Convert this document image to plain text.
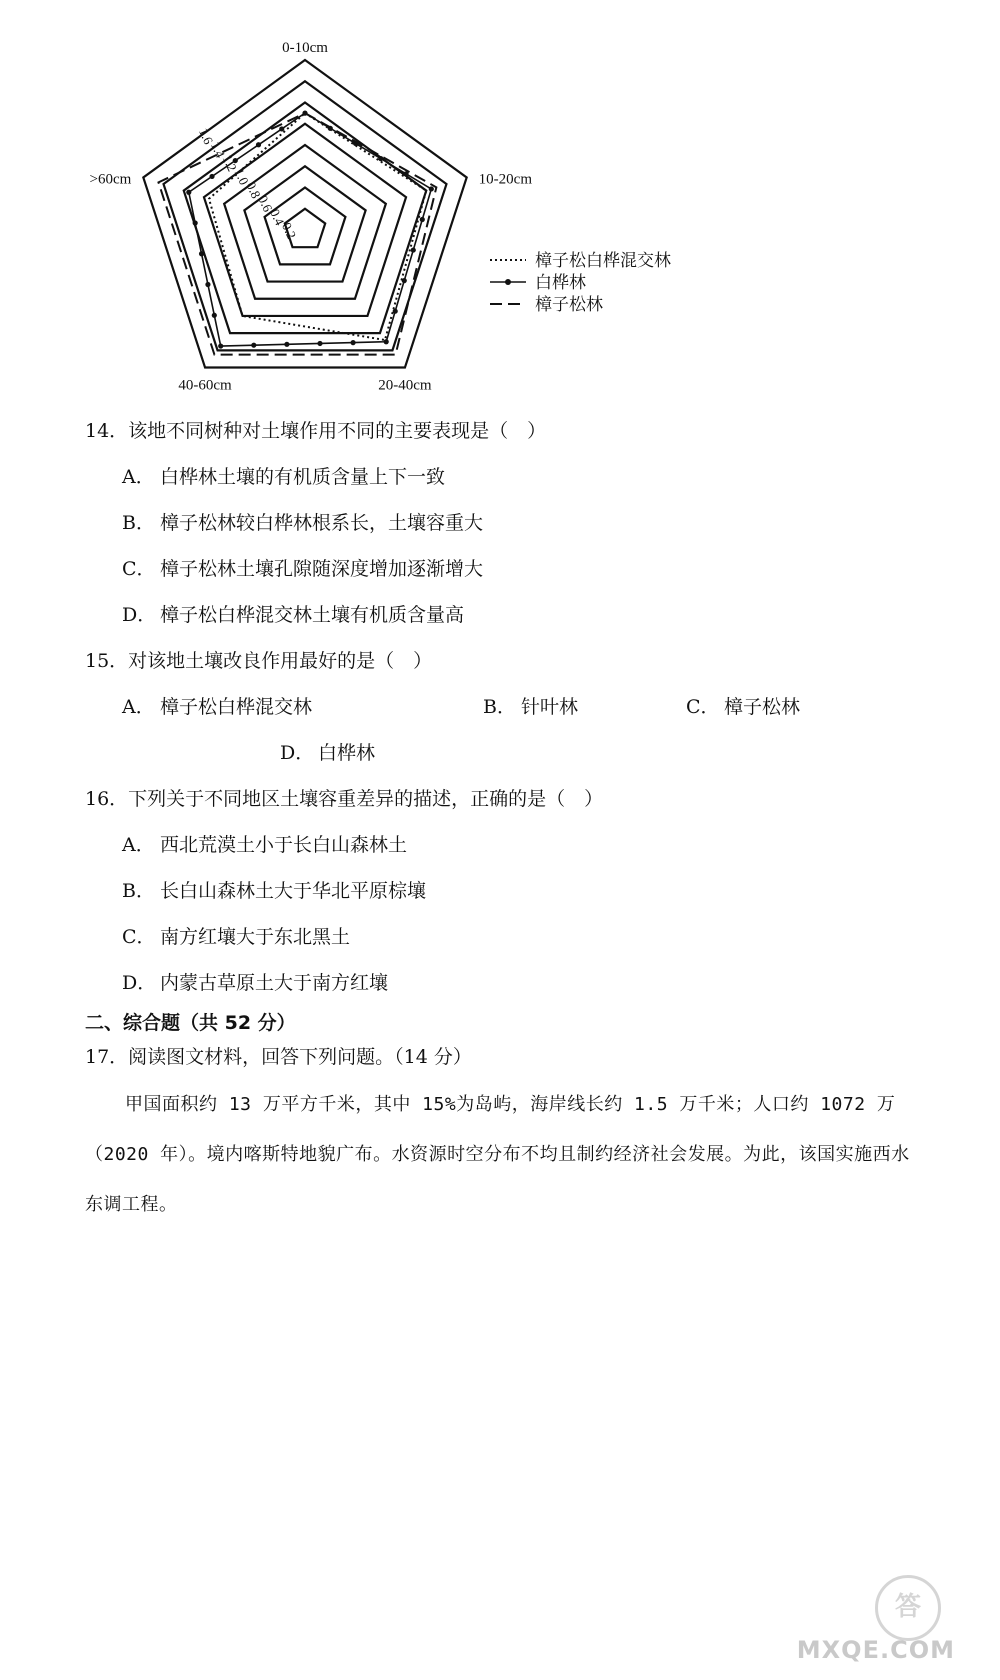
0-10cm
10-20cm
20-40cm
40-60cm
>60cm
0.2
0.4
0.6
0.8
1.0
1.2
1.4
1.6
樟子松白桦混交林
白桦林
樟子松林
14．该地不同树种对土壤作用不同的主要表现是（　）
A． 白桦林土壤的有机质含量上下一致
B． 樟子松林较白桦林根系长，土壤容重大
C． 樟子松林土壤孔隙随深度增加逐渐增大
D． 樟子松白桦混交林土壤有机质含量高
15．对该地土壤改良作用最好的是（　）
A． 樟子松白桦混交林	B． 针叶林	C． 樟子松林
D． 白桦林
16．下列关于不同地区土壤容重差异的描述，正确的是（　）
A． 西北荒漠土小于长白山森林土
B． 长白山森林土大于华北平原棕壤
C． 南方红壤大于东北黑土
D． 内蒙古草原土大于南方红壤
二、综合题（共 52 分）
17．阅读图文材料，回答下列问题。（14 分）
甲国面积约 13 万平方千米，其中 15%为岛屿，海岸线长约 1.5 万千米；人口约 1072 万（2020 年）。境内喀斯特地貌广布。水资源时空分布不均且制约经济社会发展。为此，该国实施西水东调工程。
答
MXQE.COM
